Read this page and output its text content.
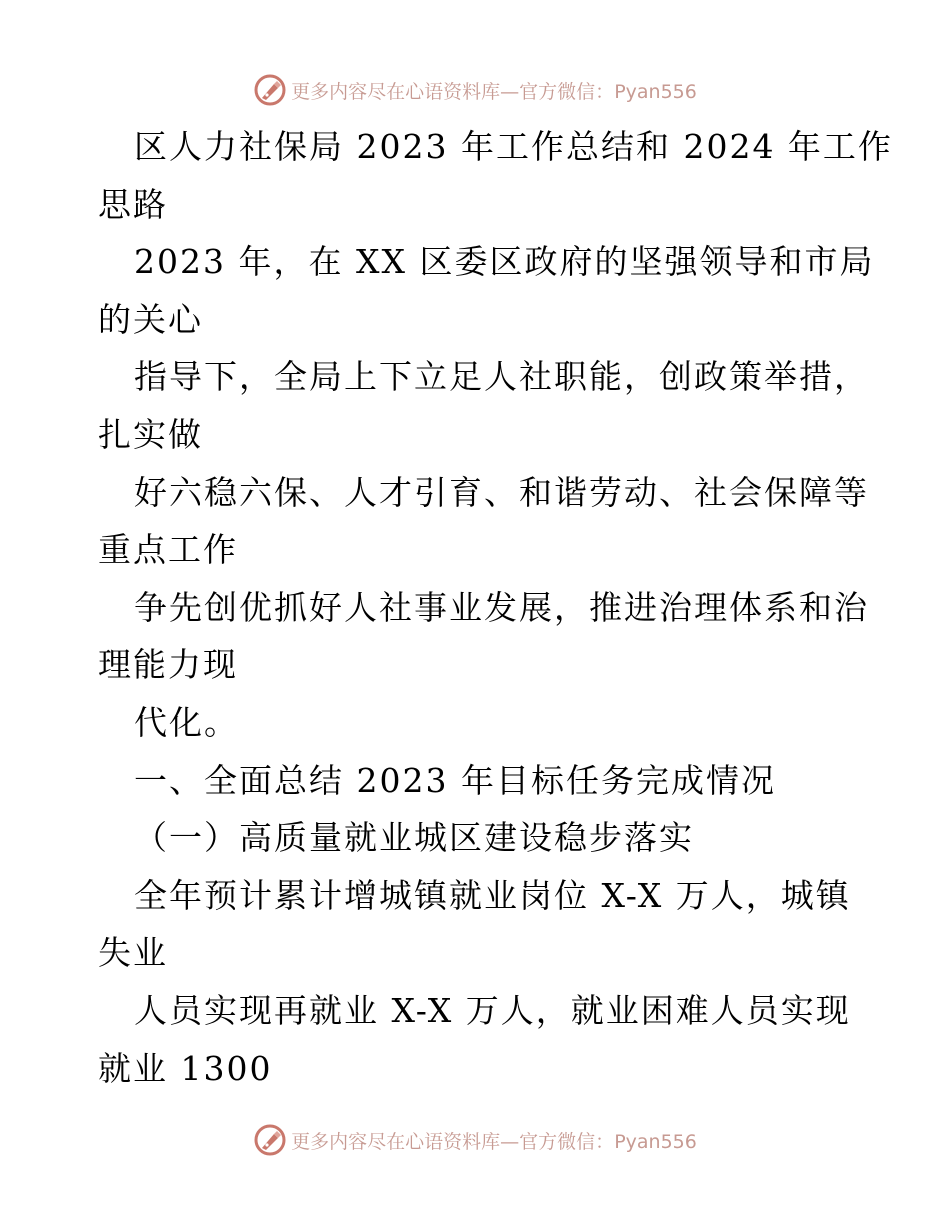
更多内容尽在心语资料库—官方微信：Pyan556
区人力社保局 2023 年工作总结和 2024 年工作
思路
2023 年，在 XX 区委区政府的坚强领导和市局
的关心
指导下，全局上下立足人社职能，创政策举措，
扎实做
好六稳六保、人才引育、和谐劳动、社会保障等
重点工作
争先创优抓好人社事业发展，推进治理体系和治
理能力现
代化。
一、全面总结 2023 年目标任务完成情况
（一）高质量就业城区建设稳步落实
全年预计累计增城镇就业岗位 X-X 万人，城镇
失业
人员实现再就业 X-X 万人，就业困难人员实现
就业 1300
更多内容尽在心语资料库—官方微信：Pyan556
